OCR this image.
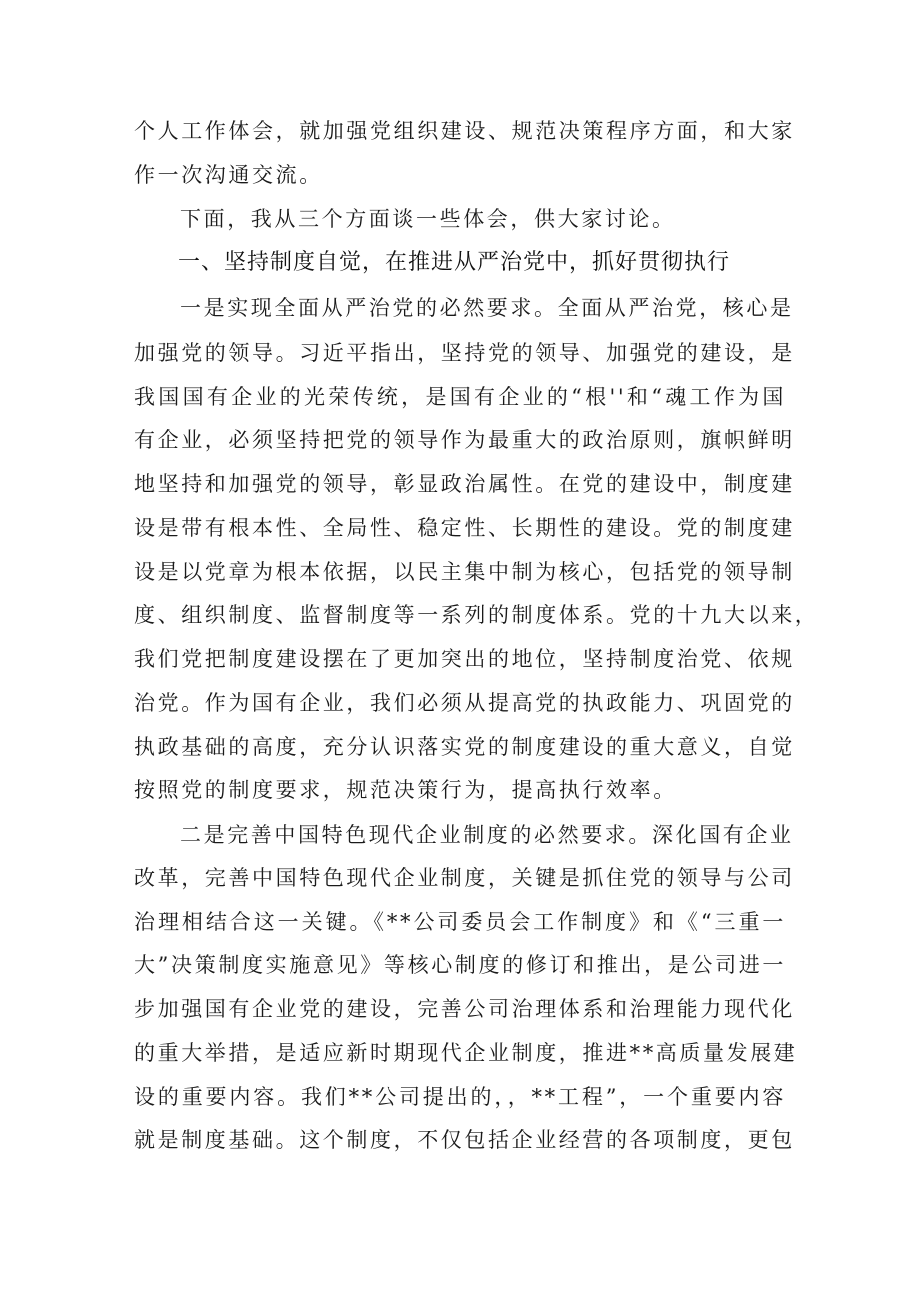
个人工作体会，就加强党组织建设、规范决策程序方面，和大家
作一次沟通交流。
下面，我从三个方面谈一些体会，供大家讨论。
一、坚持制度自觉，在推进从严治党中，抓好贯彻执行
一是实现全面从严治党的必然要求。全面从严治党，核心是
加强党的领导。习近平指出，坚持党的领导、加强党的建设，是
我国国有企业的光荣传统，是国有企业的“根''和“魂工作为国
有企业，必须坚持把党的领导作为最重大的政治原则，旗帜鲜明
地坚持和加强党的领导，彰显政治属性。在党的建设中，制度建
设是带有根本性、全局性、稳定性、长期性的建设。党的制度建
设是以党章为根本依据，以民主集中制为核心，包括党的领导制
度、组织制度、监督制度等一系列的制度体系。党的十九大以来，
我们党把制度建设摆在了更加突出的地位，坚持制度治党、依规
治党。作为国有企业，我们必须从提高党的执政能力、巩固党的
执政基础的高度，充分认识落实党的制度建设的重大意义，自觉
按照党的制度要求，规范决策行为，提高执行效率。
二是完善中国特色现代企业制度的必然要求。深化国有企业
改革，完善中国特色现代企业制度，关键是抓住党的领导与公司
治理相结合这一关键。《**公司委员会工作制度》和《“三重一
大”决策制度实施意见》等核心制度的修订和推出，是公司进一
步加强国有企业党的建设，完善公司治理体系和治理能力现代化
的重大举措，是适应新时期现代企业制度，推进**高质量发展建
设的重要内容。我们**公司提出的，，**工程”，一个重要内容
就是制度基础。这个制度，不仅包括企业经营的各项制度，更包
